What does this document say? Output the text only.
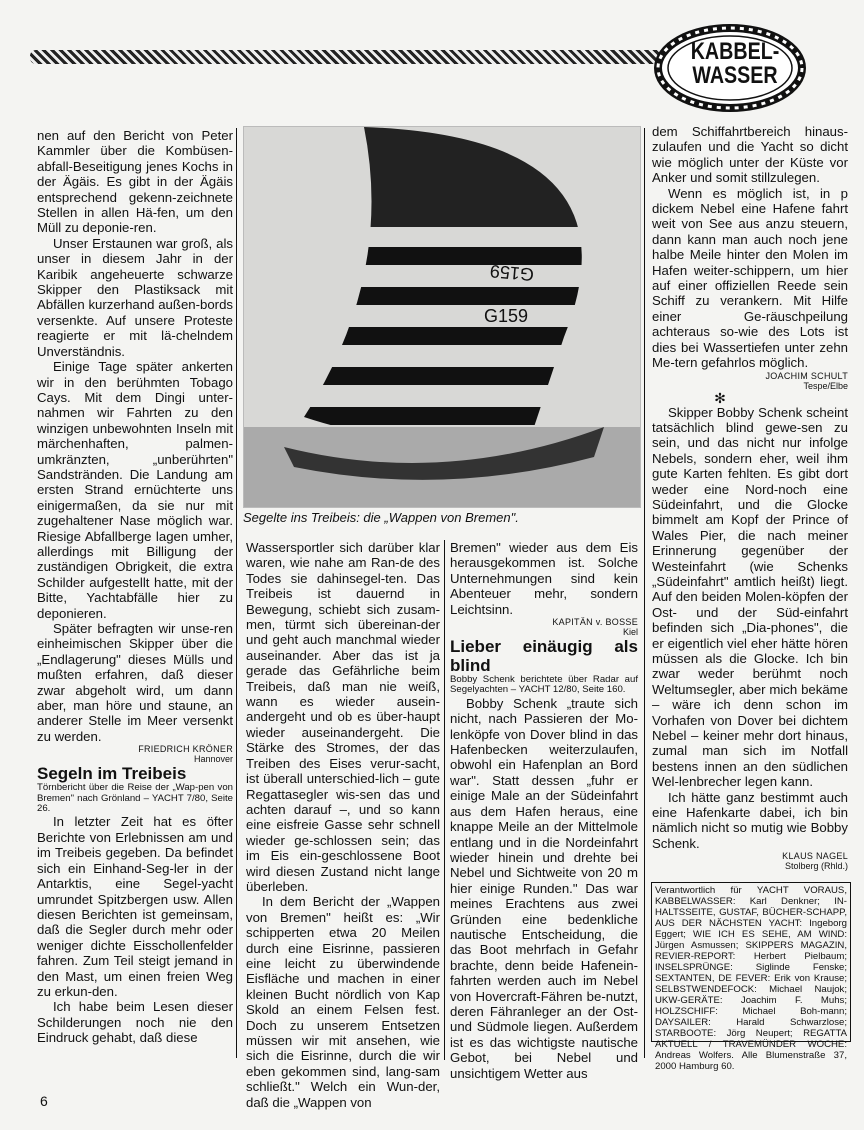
KABBEL-
WASSER

nen auf den Bericht von Peter Kammler über die Kombüsen-abfall-Beseitigung jenes Kochs in der Ägäis. Es gibt in der Ägäis entsprechend gekenn-zeichnete Stellen in allen Hä-fen, um den Müll zu deponie-ren.

Unser Erstaunen war groß, als unser in diesem Jahr in der Karibik angeheuerte schwarze Skipper den Plastiksack mit Abfällen kurzerhand außen-bords versenkte. Auf unsere Proteste reagierte er mit lä-chelndem Unverständnis.

Einige Tage später ankerten wir in den berühmten Tobago Cays. Mit dem Dingi unter-nahmen wir Fahrten zu den winzigen unbewohnten Inseln mit märchenhaften, palmen-umkränzten, „unberührten" Sandstränden. Die Landung am ersten Strand ernüchterte uns einigermaßen, da sie nur mit zugehaltener Nase möglich war. Riesige Abfallberge lagen umher, allerdings mit Billigung der zuständigen Obrigkeit, die extra Schilder aufgestellt hatte, mit der Bitte, Yachtabfälle hier zu deponieren.

Später befragten wir unse-ren einheimischen Skipper über die „Endlagerung" dieses Mülls und mußten erfahren, daß dieser zwar abgeholt wird, um dann aber, man höre und staune, an anderer Stelle im Meer versenkt zu werden.

FRIEDRICH KRÖNER
Hannover

Segeln im Treibeis

Törnbericht über die Reise der „Wap-pen von Bremen" nach Grönland – YACHT 7/80, Seite 26.

In letzter Zeit hat es öfter Berichte von Erlebnissen am und im Treibeis gegeben. Da befindet sich ein Einhand-Seg-ler in der Antarktis, eine Segel-yacht umrundet Spitzbergen usw. Allen diesen Berichten ist gemeinsam, daß die Segler durch mehr oder weniger dichte Eisschollenfelder fahren. Zum Teil steigt jemand in den Mast, um einen freien Weg zu erkun-den.

Ich habe beim Lesen dieser Schilderungen noch nie den Eindruck gehabt, daß diese

G159
G159
Segelte ins Treibeis: die „Wappen von Bremen".

Wassersportler sich darüber klar waren, wie nahe am Ran-de des Todes sie dahinsegel-ten. Das Treibeis ist dauernd in Bewegung, schiebt sich zusam-men, türmt sich übereinan-der und geht auch manchmal wieder auseinander. Aber das ist ja gerade das Gefährliche beim Treibeis, daß man nie weiß, wann es wieder ausein-andergeht und ob es über-haupt wieder auseinandergeht. Die Stärke des Stromes, der das Treiben des Eises verur-sacht, ist überall unterschied-lich – gute Regattasegler wis-sen das und achten darauf –, und so kann eine eisfreie Gasse sehr schnell wieder ge-schlossen sein; das im Eis ein-geschlossene Boot wird diesen Zustand nicht lange überleben.

In dem Bericht der „Wappen von Bremen" heißt es: „Wir schipperten etwa 20 Meilen durch eine Eisrinne, passieren eine leicht zu überwindende Eisfläche und machen in einer kleinen Bucht nördlich von Kap Skold an einem Felsen fest. Doch zu unserem Entsetzen müssen wir mit ansehen, wie sich die Eisrinne, durch die wir eben gekommen sind, lang-sam schließt." Welch ein Wun-der, daß die „Wappen von

Bremen" wieder aus dem Eis herausgekommen ist. Solche Unternehmungen sind kein Abenteuer mehr, sondern Leichtsinn.

KAPITÄN v. BOSSE
Kiel

Lieber einäugig als blind

Bobby Schenk berichtete über Radar auf Segelyachten – YACHT 12/80, Seite 160.

Bobby Schenk „traute sich nicht, nach Passieren der Mo-lenköpfe von Dover blind in das Hafenbecken weiterzulaufen, obwohl ein Hafenplan an Bord war". Statt dessen „fuhr er einige Male an der Südeinfahrt aus dem Hafen heraus, eine knappe Meile an der Mittelmole entlang und in die Nordeinfahrt wieder hinein und drehte bei Nebel und Sichtweite von 20 m hier einige Runden." Das war meines Erachtens aus zwei Gründen eine bedenkliche nautische Entscheidung, die das Boot mehrfach in Gefahr brachte, denn beide Hafenein-fahrten werden auch im Nebel von Hovercraft-Fähren be-nutzt, deren Fähranleger an der Ost- und Südmole liegen. Außerdem ist es das wichtigste nautische Gebot, bei Nebel und unsichtigem Wetter aus

dem Schiffahrtbereich hinaus-zulaufen und die Yacht so dicht wie möglich unter der Küste vor Anker und somit stillzulegen.

Wenn es möglich ist, in p dickem Nebel eine Hafene fahrt weit von See aus anzu steuern, dann kann man auch noch jene halbe Meile hinter den Molen im Hafen weiter-schippern, um hier auf einer offiziellen Reede sein Schiff zu verankern. Mit Hilfe einer Ge-räuschpeilung achteraus so-wie des Lots ist dies bei Wassertiefen unter zehn Me-tern gefahrlos möglich.

JOACHIM SCHULT
Tespe/Elbe
✻

Skipper Bobby Schenk scheint tatsächlich blind gewe-sen zu sein, und das nicht nur infolge Nebels, sondern eher, weil ihm gute Karten fehlten. Es gibt dort weder eine Nord-noch eine Südeinfahrt, und die Glocke bimmelt am Kopf der Prince of Wales Pier, die nach meiner Erinnerung gegenüber der Westeinfahrt (wie Schenks „Südeinfahrt" amtlich heißt) liegt. Auf den beiden Molen-köpfen der Ost- und der Süd-einfahrt befinden sich „Dia-phones", die er eigentlich viel eher hätte hören müssen als die Glocke. Ich bin zwar weder berühmt noch Weltumsegler, aber mich bekäme – wäre ich denn schon im Vorhafen von Dover bei dichtem Nebel – keiner mehr dort hinaus, zumal man sich im Notfall bestens innen an den südlichen Wel-lenbrecher legen kann.

Ich hätte ganz bestimmt auch eine Hafenkarte dabei, ich bin nämlich nicht so mutig wie Bobby Schenk.

KLAUS NAGEL
Stolberg (Rhld.)
Verantwortlich für YACHT VORAUS, KABBELWASSER: Karl Denkner; IN-HALTSSEITE, GUSTAF, BÜCHER-SCHAPP, AUS DER NÄCHSTEN YACHT: Ingeborg Eggert; WIE ICH ES SEHE, AM WIND: Jürgen Asmussen; SKIPPERS MAGAZIN, REVIER-REPORT: Herbert Pielbaum; INSELSPRÜNGE: Siglinde Fenske; SEXTANTEN, DE FEVER: Erik von Krause; SELBSTWENDEFOCK: Michael Naujok; UKW-GERÄTE: Joachim F. Muhs; HOLZSCHIFF: Michael Boh-mann; DAYSAILER: Harald Schwarzlose; STARBOOTE: Jörg Neupert; REGATTA AKTUELL / TRAVEMÜNDER WOCHE: Andreas Wolfers. Alle Blumenstraße 37, 2000 Hamburg 60.
6
